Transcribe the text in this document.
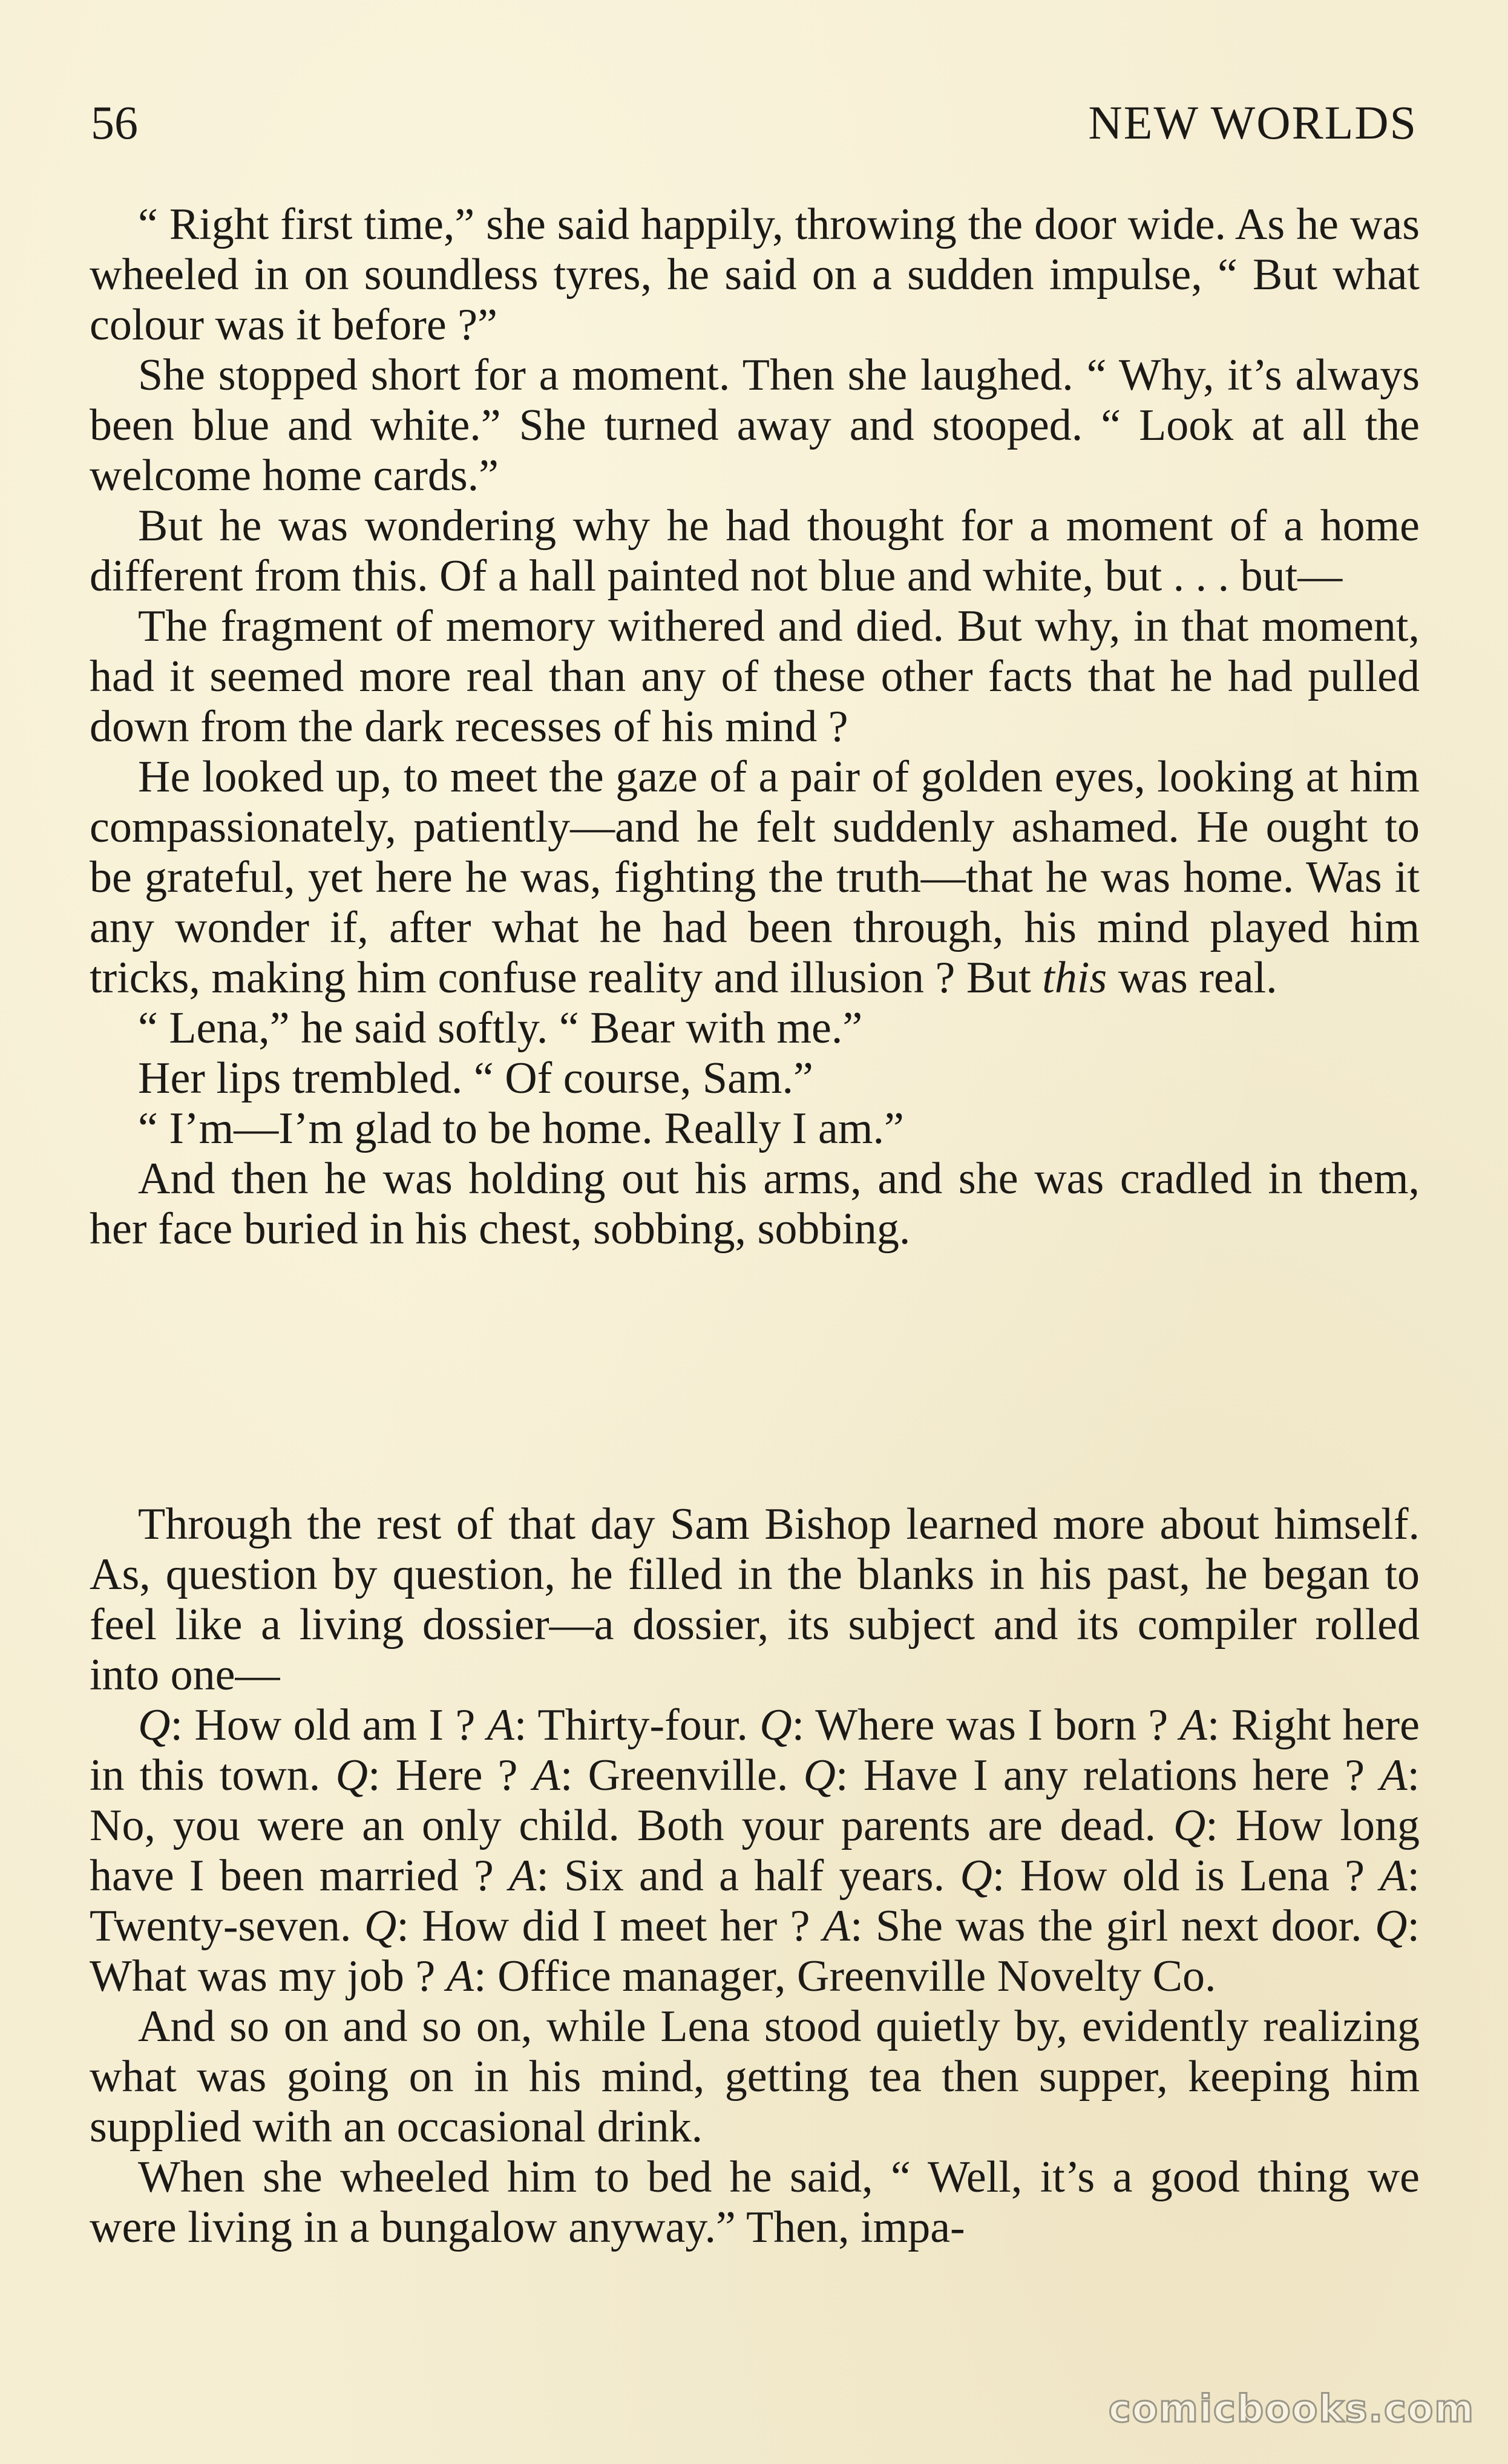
56	NEW WORLDS

“ Right first time,” she said happily, throwing the door wide. As he was wheeled in on soundless tyres, he said on a sudden impulse, “ But what colour was it before ?”

She stopped short for a moment. Then she laughed. “ Why, it’s always been blue and white.” She turned away and stooped. “ Look at all the welcome home cards.”

But he was wondering why he had thought for a moment of a home different from this. Of a hall painted not blue and white, but . . . but—

The fragment of memory withered and died. But why, in that moment, had it seemed more real than any of these other facts that he had pulled down from the dark recesses of his mind ?

He looked up, to meet the gaze of a pair of golden eyes, looking at him compassionately, patiently—and he felt suddenly ashamed. He ought to be grateful, yet here he was, fighting the truth—that he was home. Was it any wonder if, after what he had been through, his mind played him tricks, making him confuse reality and illusion ? But this was real.

“ Lena,” he said softly. “ Bear with me.”

Her lips trembled. “ Of course, Sam.”

“ I’m—I’m glad to be home. Really I am.”

And then he was holding out his arms, and she was cradled in them, her face buried in his chest, sobbing, sobbing.

Through the rest of that day Sam Bishop learned more about himself. As, question by question, he filled in the blanks in his past, he began to feel like a living dossier—a dossier, its subject and its compiler rolled into one—

Q: How old am I ? A: Thirty-four. Q: Where was I born ? A: Right here in this town. Q: Here ? A: Greenville. Q: Have I any relations here ? A: No, you were an only child. Both your parents are dead. Q: How long have I been married ? A: Six and a half years. Q: How old is Lena ? A: Twenty-seven. Q: How did I meet her ? A: She was the girl next door. Q: What was my job ? A: Office manager, Greenville Novelty Co.

And so on and so on, while Lena stood quietly by, evidently realizing what was going on in his mind, getting tea then supper, keeping him supplied with an occasional drink.

When she wheeled him to bed he said, “ Well, it’s a good thing we were living in a bungalow anyway.” Then, impa-

comicbooks.com
